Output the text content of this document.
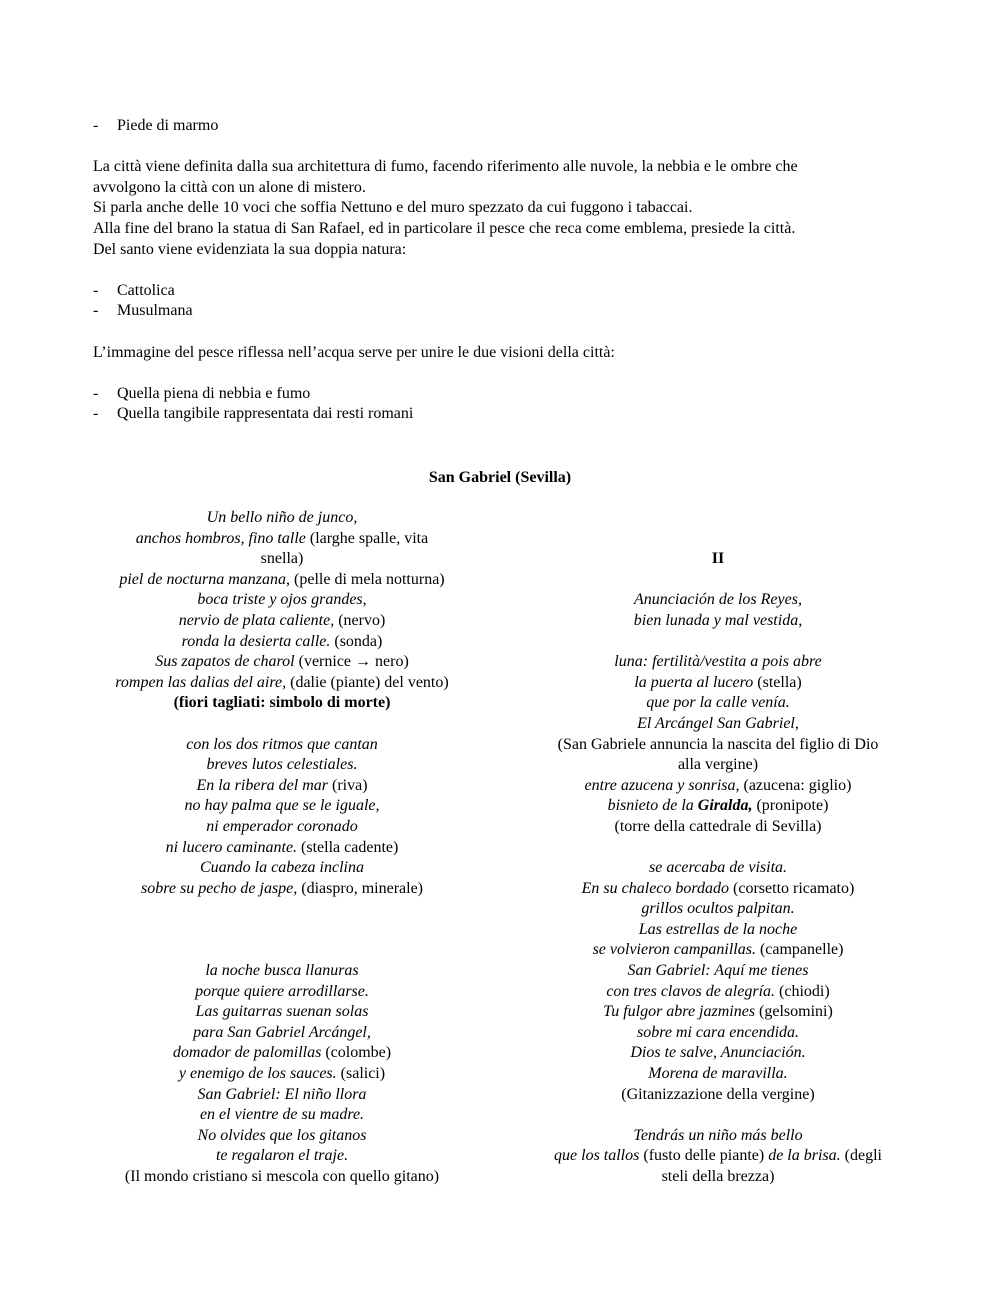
-	Piede di marmo

La città viene definita dalla sua architettura di fumo, facendo riferimento alle nuvole, la nebbia e le ombre che

avvolgono la città con un alone di mistero.

Si parla anche delle 10 voci che soffia Nettuno e del muro spezzato da cui fuggono i tabaccai.

Alla fine del brano la statua di San Rafael, ed in particolare il pesce che reca come emblema, presiede la città.

Del santo viene evidenziata la sua doppia natura:

-	Cattolica
-	Musulmana

L’immagine del pesce riflessa nell’acqua serve per unire le due visioni della città:

-	Quella piena di nebbia e fumo
-	Quella tangibile rappresentata dai resti romani
San Gabriel (Sevilla)
Un bello niño de junco,
anchos hombros, fino talle (larghe spalle, vita
snella)
piel de nocturna manzana, (pelle di mela notturna)
boca triste y ojos grandes,
nervio de plata caliente, (nervo)
ronda la desierta calle. (sonda)
Sus zapatos de charol (vernice → nero)
rompen las dalias del aire, (dalie (piante) del vento)
(fiori tagliati: simbolo di morte)
con los dos ritmos que cantan
breves lutos celestiales.
En la ribera del mar (riva)
no hay palma que se le iguale,
ni emperador coronado
ni lucero caminante. (stella cadente)
Cuando la cabeza inclina
sobre su pecho de jaspe, (diaspro, minerale)
la noche busca llanuras
porque quiere arrodillarse.
Las guitarras suenan solas
para San Gabriel Arcángel,
domador de palomillas (colombe)
y enemigo de los sauces. (salici)
San Gabriel: El niño llora
en el vientre de su madre.
No olvides que los gitanos
te regalaron el traje.
(Il mondo cristiano si mescola con quello gitano)
II
Anunciación de los Reyes,
bien lunada y mal vestida,
luna: fertilità/vestita a pois abre
la puerta al lucero (stella)
que por la calle venía.
El Arcángel San Gabriel,
(San Gabriele annuncia la nascita del figlio di Dio
alla vergine)
entre azucena y sonrisa, (azucena: giglio)
bisnieto de la Giralda, (pronipote)
(torre della cattedrale di Sevilla)
se acercaba de visita.
En su chaleco bordado (corsetto ricamato)
grillos ocultos palpitan.
Las estrellas de la noche
se volvieron campanillas. (campanelle)
San Gabriel: Aquí me tienes
con tres clavos de alegría. (chiodi)
Tu fulgor abre jazmines (gelsomini)
sobre mi cara encendida.
Dios te salve, Anunciación.
Morena de maravilla.
(Gitanizzazione della vergine)
Tendrás un niño más bello
que los tallos (fusto delle piante) de la brisa. (degli
steli della brezza)
